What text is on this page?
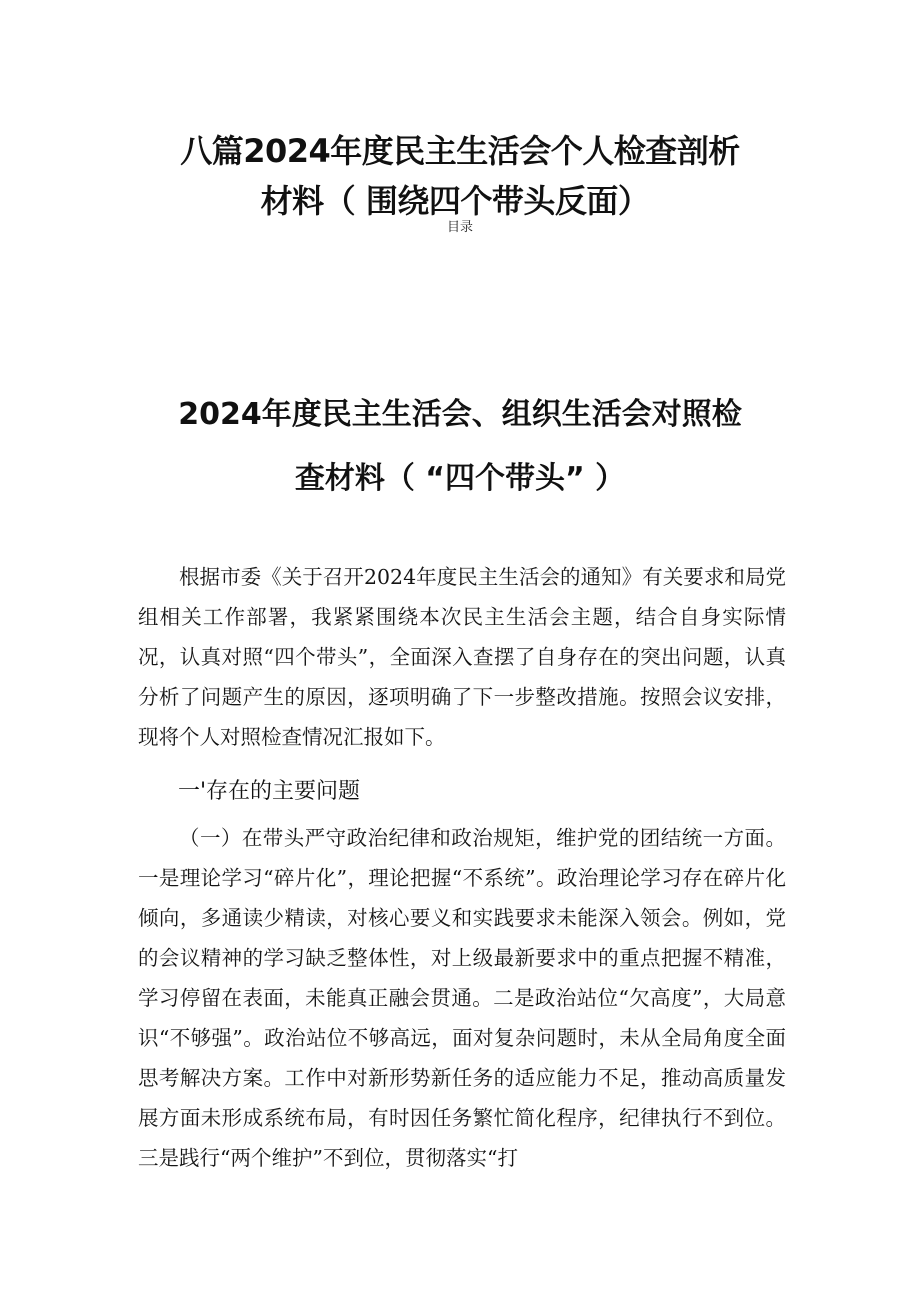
八篇2024年度民主生活会个人检查剖析
材料（ 围绕四个带头反面）
目录
2024年度民主生活会、组织生活会对照检
查材料（ “四个带头” ）

根据市委《关于召开2024年度民主生活会的通知》有关要求和局党组相关工作部署，我紧紧围绕本次民主生活会主题，结合自身实际情况，认真对照“四个带头”，全面深入查摆了自身存在的突出问题，认真分析了问题产生的原因，逐项明确了下一步整改措施。按照会议安排，现将个人对照检查情况汇报如下。

一'存在的主要问题

（一）在带头严守政治纪律和政治规矩，维护党的团结统一方面。一是理论学习“碎片化”，理论把握“不系统”。政治理论学习存在碎片化倾向，多通读少精读，对核心要义和实践要求未能深入领会。例如，党的会议精神的学习缺乏整体性，对上级最新要求中的重点把握不精准，学习停留在表面，未能真正融会贯通。二是政治站位“欠高度”，大局意识“不够强”。政治站位不够高远，面对复杂问题时，未从全局角度全面思考解决方案。工作中对新形势新任务的适应能力不足，推动高质量发展方面未形成系统布局，有时因任务繁忙简化程序，纪律执行不到位。三是践行“两个维护”不到位，贯彻落实“打
